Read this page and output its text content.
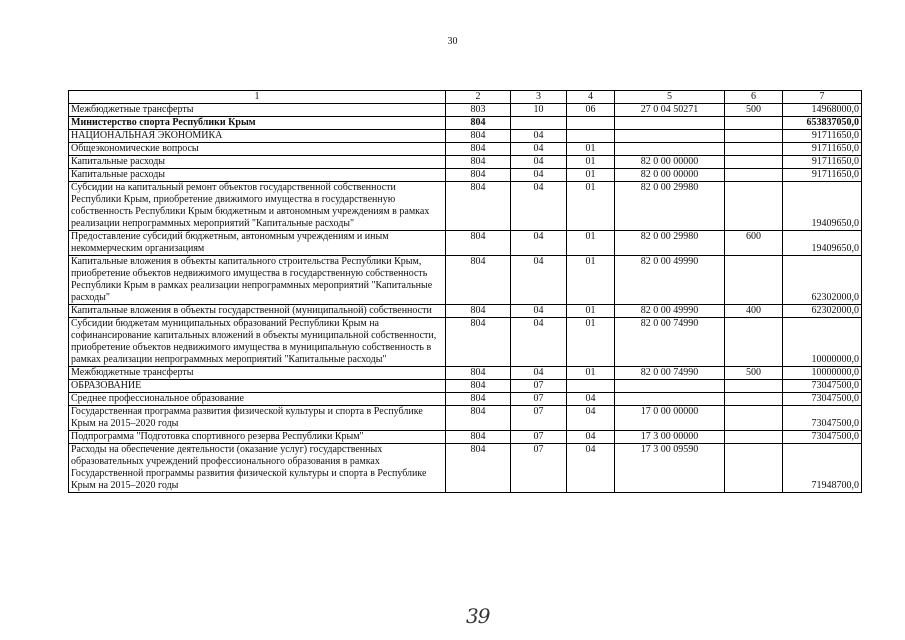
30
1	2	3	4	5	6	7
Межбюджетные трансферты	803	10	06	27 0 04 50271	500	14968000,0
Министерство спорта Республики Крым	804					653837050,0
НАЦИОНАЛЬНАЯ ЭКОНОМИКА	804	04				91711650,0
Общеэкономические вопросы	804	04	01			91711650,0
Капитальные расходы	804	04	01	82 0 00 00000		91711650,0
Капитальные расходы	804	04	01	82 0 00 00000		91711650,0
Субсидии на капитальный ремонт объектов государственной собственности Республики Крым, приобретение движимого имущества в государственную собственность Республики Крым бюджетным и автономным учреждениям в рамках реализации непрограммных мероприятий "Капитальные расходы"	804	04	01	82 0 00 29980		19409650,0
Предоставление субсидий бюджетным, автономным учреждениям и иным некоммерческим организациям	804	04	01	82 0 00 29980	600	19409650,0
Капитальные вложения в объекты капитального строительства Республики Крым, приобретение объектов недвижимого имущества в государственную собственность Республики Крым в рамках реализации непрограммных мероприятий "Капитальные расходы"	804	04	01	82 0 00 49990		62302000,0
Капитальные вложения в объекты государственной (муниципальной) собственности	804	04	01	82 0 00 49990	400	62302000,0
Субсидии бюджетам муниципальных образований Республики Крым на софинансирование капитальных вложений в объекты муниципальной собственности, приобретение объектов недвижимого имущества в муниципальную собственность в рамках реализации непрограммных мероприятий "Капитальные расходы"	804	04	01	82 0 00 74990		10000000,0
Межбюджетные трансферты	804	04	01	82 0 00 74990	500	10000000,0
ОБРАЗОВАНИЕ	804	07				73047500,0
Среднее профессиональное образование	804	07	04			73047500,0
Государственная программа развития физической культуры и спорта в Республике Крым на 2015–2020 годы	804	07	04	17 0 00 00000		73047500,0
Подпрограмма "Подготовка спортивного резерва Республики Крым"	804	07	04	17 3 00 00000		73047500,0
Расходы на обеспечение деятельности (оказание услуг) государственных образовательных учреждений профессионального образования в рамках Государственной программы развития физической культуры и спорта в Республике Крым на 2015–2020 годы	804	07	04	17 3 00 09590		71948700,0
39
